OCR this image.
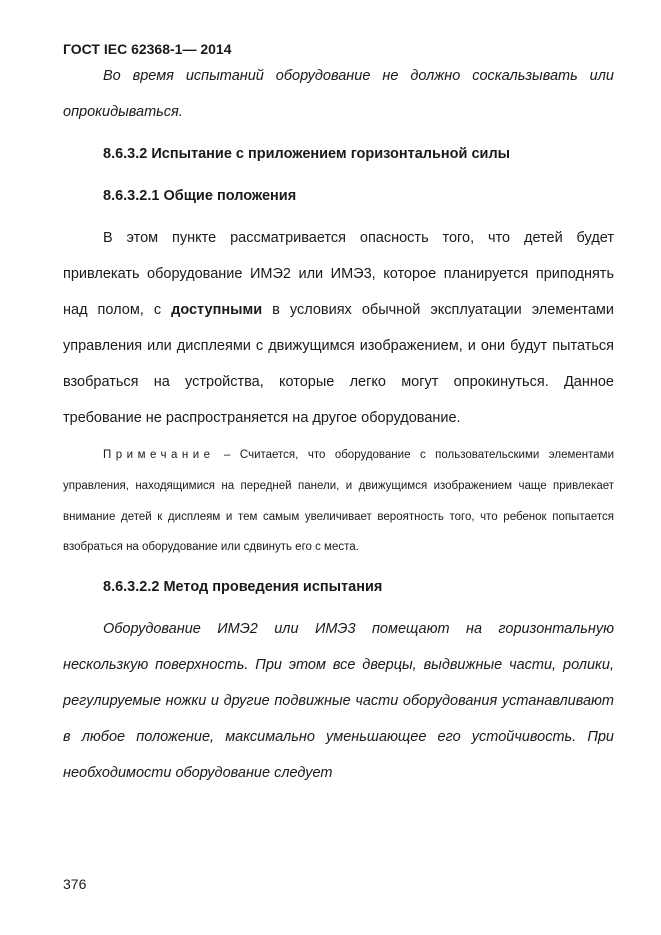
ГОСТ IEC 62368-1— 2014

Во время испытаний оборудование не должно соскальзывать или опрокидываться.

8.6.3.2 Испытание с приложением горизонтальной силы

8.6.3.2.1 Общие положения

В этом пункте рассматривается опасность того, что детей будет привлекать оборудование ИМЭ2 или ИМЭ3, которое планируется приподнять над полом, с доступными в условиях обычной эксплуатации элементами управления или дисплеями с движущимся изображением, и они будут пытаться взобраться на устройства, которые легко могут опрокинуться. Данное требование не распространяется на другое оборудование.

Примечание – Считается, что оборудование с пользовательскими элементами управления, находящимися на передней панели, и движущимся изображением чаще привлекает внимание детей к дисплеям и тем самым увеличивает вероятность того, что ребенок попытается взобраться на оборудование или сдвинуть его с места.

8.6.3.2.2 Метод проведения испытания

Оборудование ИМЭ2 или ИМЭ3 помещают на горизонтальную нескользкую поверхность. При этом все дверцы, выдвижные части, ролики, регулируемые ножки и другие подвижные части оборудования устанавливают в любое положение, максимально уменьшающее его устойчивость. При необходимости оборудование следует

376
